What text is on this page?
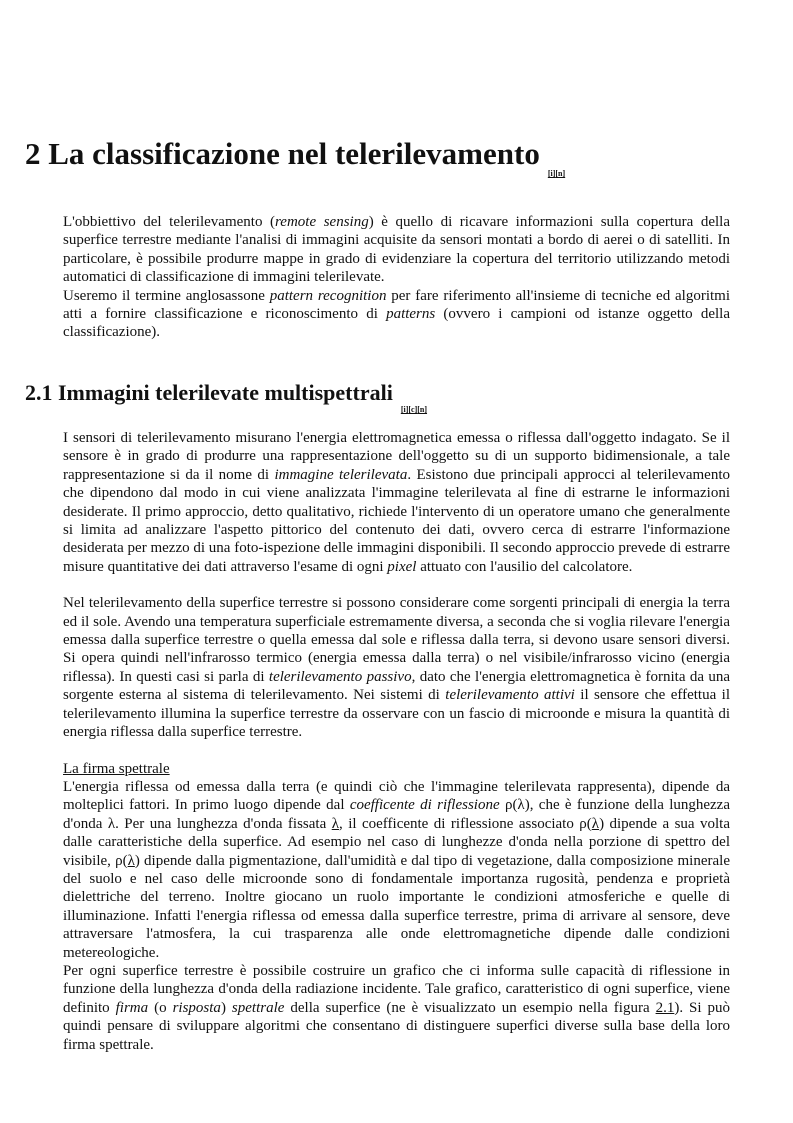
2 La classificazione nel telerilevamento[i][n]

L'obbiettivo del telerilevamento (remote sensing) è quello di ricavare informazioni sulla copertura della superfice terrestre mediante l'analisi di immagini acquisite da sensori montati a bordo di aerei o di satelliti. In particolare, è possibile produrre mappe in grado di evidenziare la copertura del territorio utilizzando metodi automatici di classificazione di immagini telerilevate.

Useremo il termine anglosassone pattern recognition per fare riferimento all'insieme di tecniche ed algoritmi atti a fornire classificazione e riconoscimento di patterns (ovvero i campioni od istanze oggetto della classificazione).

2.1 Immagini telerilevate multispettrali[i][c][n]

I sensori di telerilevamento misurano l'energia elettromagnetica emessa o riflessa dall'oggetto indagato. Se il sensore è in grado di produrre una rappresentazione dell'oggetto su di un supporto bidimensionale, a tale rappresentazione si da il nome di immagine telerilevata. Esistono due principali approcci al telerilevamento che dipendono dal modo in cui viene analizzata l'immagine telerilevata al fine di estrarne le informazioni desiderate. Il primo approccio, detto qualitativo, richiede l'intervento di un operatore umano che generalmente si limita ad analizzare l'aspetto pittorico del contenuto dei dati, ovvero cerca di estrarre l'informazione desiderata per mezzo di una foto-ispezione delle immagini disponibili. Il secondo approccio prevede di estrarre misure quantitative dei dati attraverso l'esame di ogni pixel attuato con l'ausilio del calcolatore.

Nel telerilevamento della superfice terrestre si possono considerare come sorgenti principali di energia la terra ed il sole. Avendo una temperatura superficiale estremamente diversa, a seconda che si voglia rilevare l'energia emessa dalla superfice terrestre o quella emessa dal sole e riflessa dalla terra, si devono usare sensori diversi. Si opera quindi nell'infrarosso termico (energia emessa dalla terra) o nel visibile/infrarosso vicino (energia riflessa). In questi casi si parla di telerilevamento passivo, dato che l'energia elettromagnetica è fornita da una sorgente esterna al sistema di telerilevamento. Nei sistemi di telerilevamento attivi il sensore che effettua il telerilevamento illumina la superfice terrestre da osservare con un fascio di microonde e misura la quantità di energia riflessa dalla superfice terrestre.

La firma spettrale

L'energia riflessa od emessa dalla terra (e quindi ciò che l'immagine telerilevata rappresenta), dipende da molteplici fattori. In primo luogo dipende dal coefficente di riflessione ρ(λ), che è funzione della lunghezza d'onda λ. Per una lunghezza d'onda fissata λ, il coefficente di riflessione associato ρ(λ) dipende a sua volta dalle caratteristiche della superfice. Ad esempio nel caso di lunghezze d'onda nella porzione di spettro del visibile, ρ(λ) dipende dalla pigmentazione, dall'umidità e dal tipo di vegetazione, dalla composizione minerale del suolo e nel caso delle microonde sono di fondamentale importanza rugosità, pendenza e proprietà dielettriche del terreno. Inoltre giocano un ruolo importante le condizioni atmosferiche e quelle di illuminazione. Infatti l'energia riflessa od emessa dalla superfice terrestre, prima di arrivare al sensore, deve attraversare l'atmosfera, la cui trasparenza alle onde elettromagnetiche dipende dalle condizioni metereologiche.

Per ogni superfice terrestre è possibile costruire un grafico che ci informa sulle capacità di riflessione in funzione della lunghezza d'onda della radiazione incidente. Tale grafico, caratteristico di ogni superfice, viene definito firma (o risposta) spettrale della superfice (ne è visualizzato un esempio nella figura 2.1). Si può quindi pensare di sviluppare algoritmi che consentano di distinguere superfici diverse sulla base della loro firma spettrale.
